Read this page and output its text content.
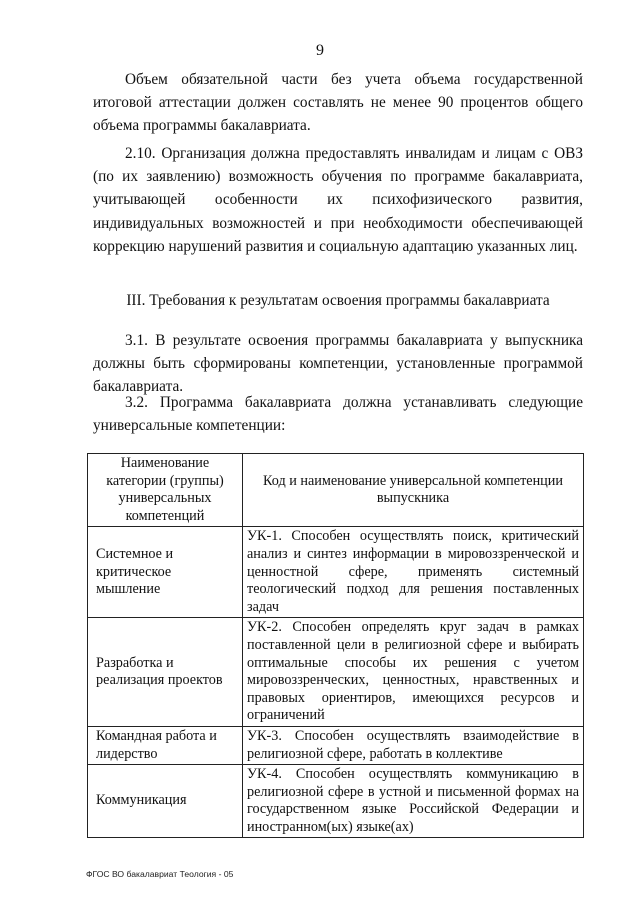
9

Объем обязательной части без учета объема государственной итоговой аттестации должен составлять не менее 90 процентов общего объема программы бакалавриата.

2.10. Организация должна предоставлять инвалидам и лицам с ОВЗ (по их заявлению) возможность обучения по программе бакалавриата, учитывающей особенности их психофизического развития, индивидуальных возможностей и при необходимости обеспечивающей коррекцию нарушений развития и социальную адаптацию указанных лиц.

III. Требования к результатам освоения программы бакалавриата

3.1. В результате освоения программы бакалавриата у выпускника должны быть сформированы компетенции, установленные программой бакалавриата.

3.2. Программа бакалавриата должна устанавливать следующие универсальные компетенции:

Наименование категории (группы) универсальных компетенций	Код и наименование универсальной компетенции выпускника
Системное и критическое мышление	УК-1. Способен осуществлять поиск, критический анализ и синтез информации в мировоззренческой и ценностной сфере, применять системный теологический подход для решения поставленных задач
Разработка и реализация проектов	УК-2. Способен определять круг задач в рамках поставленной цели в религиозной сфере и выбирать оптимальные способы их решения с учетом мировоззренческих, ценностных, нравственных и правовых ориентиров, имеющихся ресурсов и ограничений
Командная работа и лидерство	УК-3. Способен осуществлять взаимодействие в религиозной сфере, работать в коллективе
Коммуникация	УК-4. Способен осуществлять коммуникацию в религиозной сфере в устной и письменной формах на государственном языке Российской Федерации и иностранном(ых) языке(ах)
ФГОС ВО бакалавриат Теология - 05
